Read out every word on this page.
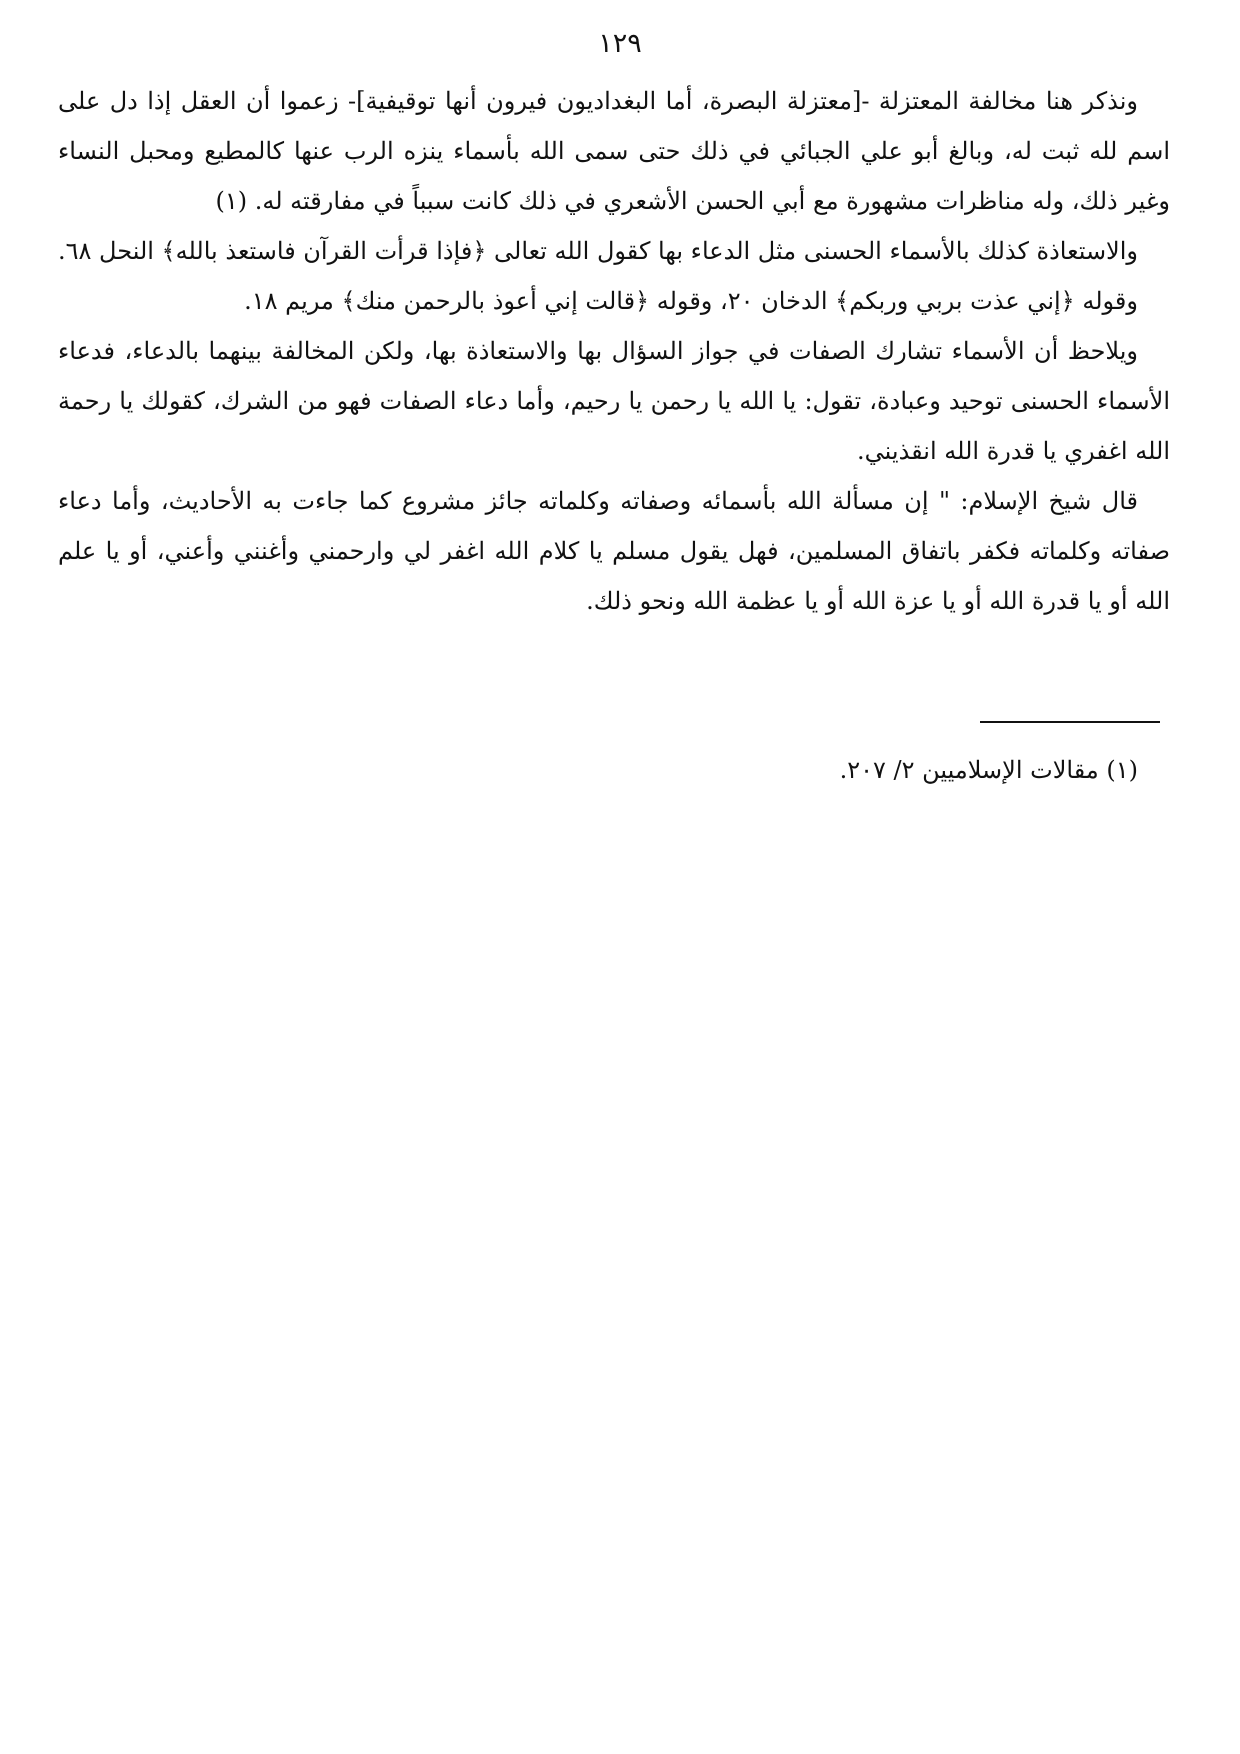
١٢٩

ونذكر هنا مخالفة المعتزلة -[معتزلة البصرة، أما البغداديون فيرون أنها توقيفية]- زعموا أن العقل إذا دل على اسم لله ثبت له، وبالغ أبو علي الجبائي في ذلك حتى سمى الله بأسماء ينزه الرب عنها كالمطيع ومحبل النساء وغير ذلك، وله مناظرات مشهورة مع أبي الحسن الأشعري في ذلك كانت سبباً في مفارقته له. (١)

والاستعاذة كذلك بالأسماء الحسنى مثل الدعاء بها كقول الله تعالى ﴿فإذا قرأت القرآن فاستعذ بالله﴾ النحل ٦٨.

وقوله ﴿إني عذت بربي وربكم﴾ الدخان ٢٠، وقوله ﴿قالت إني أعوذ بالرحمن منك﴾ مريم ١٨.

ويلاحظ أن الأسماء تشارك الصفات في جواز السؤال بها والاستعاذة بها، ولكن المخالفة بينهما بالدعاء، فدعاء الأسماء الحسنى توحيد وعبادة، تقول: يا الله يا رحمن يا رحيم، وأما دعاء الصفات فهو من الشرك، كقولك يا رحمة الله اغفري يا قدرة الله انقذيني.

قال شيخ الإسلام: " إن مسألة الله بأسمائه وصفاته وكلماته جائز مشروع كما جاءت به الأحاديث، وأما دعاء صفاته وكلماته فكفر باتفاق المسلمين، فهل يقول مسلم يا كلام الله اغفر لي وارحمني وأغنني وأعني، أو يا علم الله أو يا قدرة الله أو يا عزة الله أو يا عظمة الله ونحو ذلك.

(١) مقالات الإسلاميين ٢/ ٢٠٧.
